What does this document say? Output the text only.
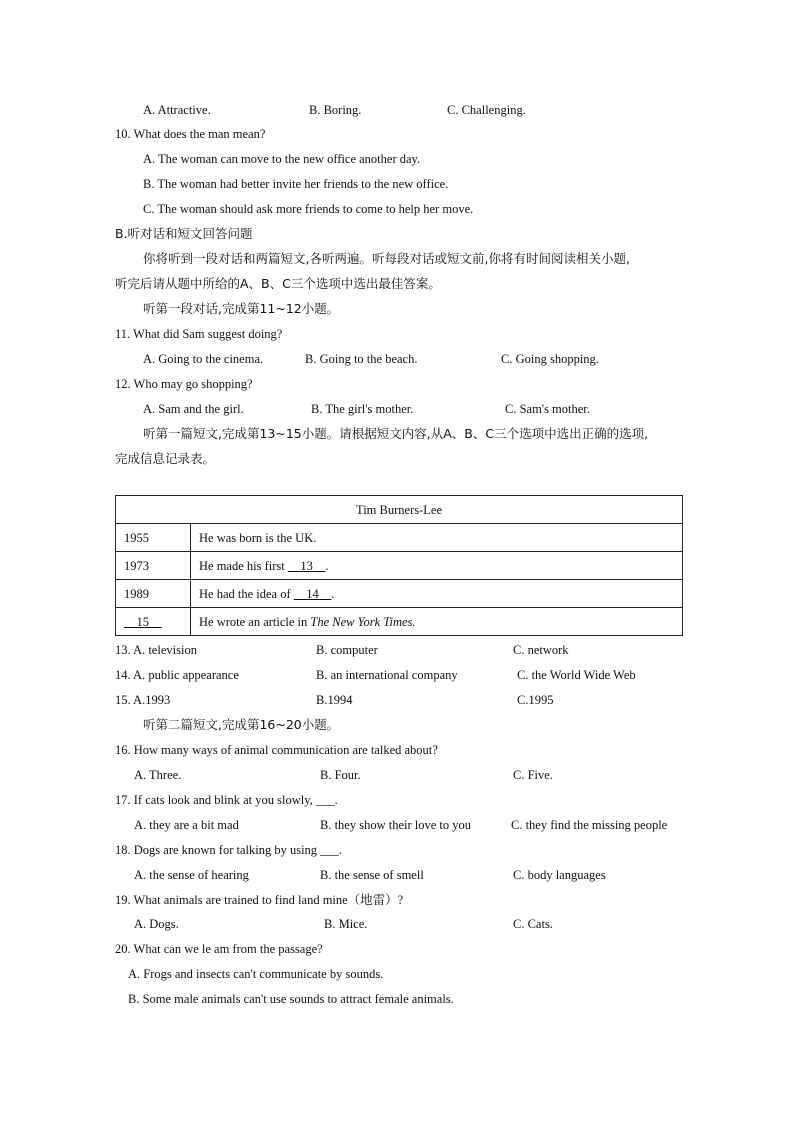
A. Attractive.	B. Boring.	C. Challenging.
10. What does the man mean?
A. The woman can move to the new office another day.
B. The woman had better invite her friends to the new office.
C. The woman should ask more friends to come to help her move.
B.听对话和短文回答问题
你将听到一段对话和两篇短文,各听两遍。听每段对话或短文前,你将有时间阅读相关小题,
听完后请从题中所给的A、B、C三个选项中选出最佳答案。
听第一段对话,完成第11~12小题。
11. What did Sam suggest doing?
A. Going to the cinema.	B. Going to the beach.	C. Going shopping.
12. Who may go shopping?
A. Sam and the girl.	B. The girl's mother.	C. Sam's mother.
听第一篇短文,完成第13~15小题。请根据短文内容,从A、B、C三个选项中选出正确的选项,
完成信息记录表。
Tim Burners-Lee	
1955	He was born is the UK.
1973	He made his first __13__.
1989	He had the idea of __14__.
__15__	He wrote an article in The New York Times.
13. A. television	B. computer	C. network
14. A. public appearance	B. an international company	C. the World Wide Web
15. A.1993	B.1994	C.1995
听第二篇短文,完成第16~20小题。
16. How many ways of animal communication are talked about?
A. Three.	B. Four.	C. Five.
17. If cats look and blink at you slowly, ___.
A. they are a bit mad	B. they show their love to you	C. they find the missing people
18. Dogs are known for talking by using ___.
A. the sense of hearing	B. the sense of smell	C. body languages
19. What animals are trained to find land mine（地雷）?
A. Dogs.	B. Mice.	C. Cats.
20. What can we le am from the passage?
A. Frogs and insects can't communicate by sounds.
B. Some male animals can't use sounds to attract female animals.
